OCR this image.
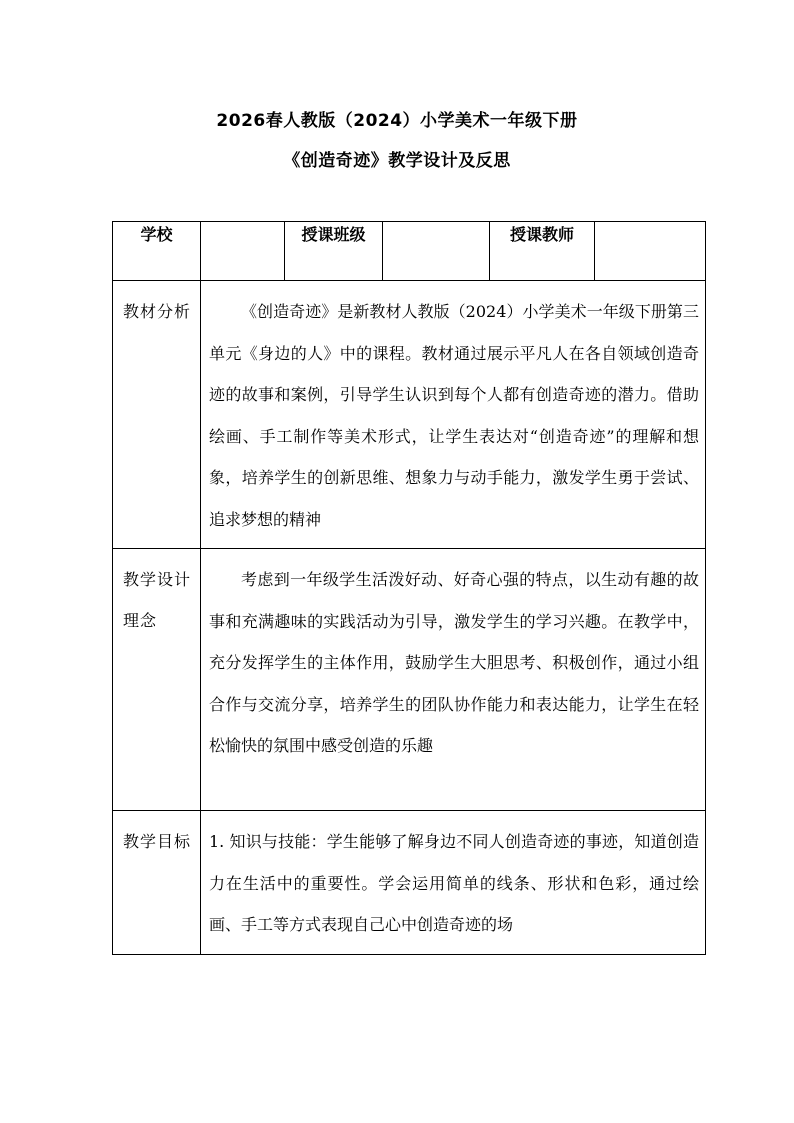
2026春人教版（2024）小学美术一年级下册
《创造奇迹》教学设计及反思
学校		授课班级		授课教师	
教材分析	《创造奇迹》是新教材人教版（2024）小学美术一年级下册第三单元《身边的人》中的课程。教材通过展示平凡人在各自领域创造奇迹的故事和案例，引导学生认识到每个人都有创造奇迹的潜力。借助绘画、手工制作等美术形式，让学生表达对“创造奇迹”的理解和想象，培养学生的创新思维、想象力与动手能力，激发学生勇于尝试、追求梦想的精神				
教学设计理念	考虑到一年级学生活泼好动、好奇心强的特点，以生动有趣的故事和充满趣味的实践活动为引导，激发学生的学习兴趣。在教学中，充分发挥学生的主体作用，鼓励学生大胆思考、积极创作，通过小组合作与交流分享，培养学生的团队协作能力和表达能力，让学生在轻松愉快的氛围中感受创造的乐趣				
教学目标	1. 知识与技能：学生能够了解身边不同人创造奇迹的事迹，知道创造力在生活中的重要性。学会运用简单的线条、形状和色彩，通过绘画、手工等方式表现自己心中创造奇迹的场				
